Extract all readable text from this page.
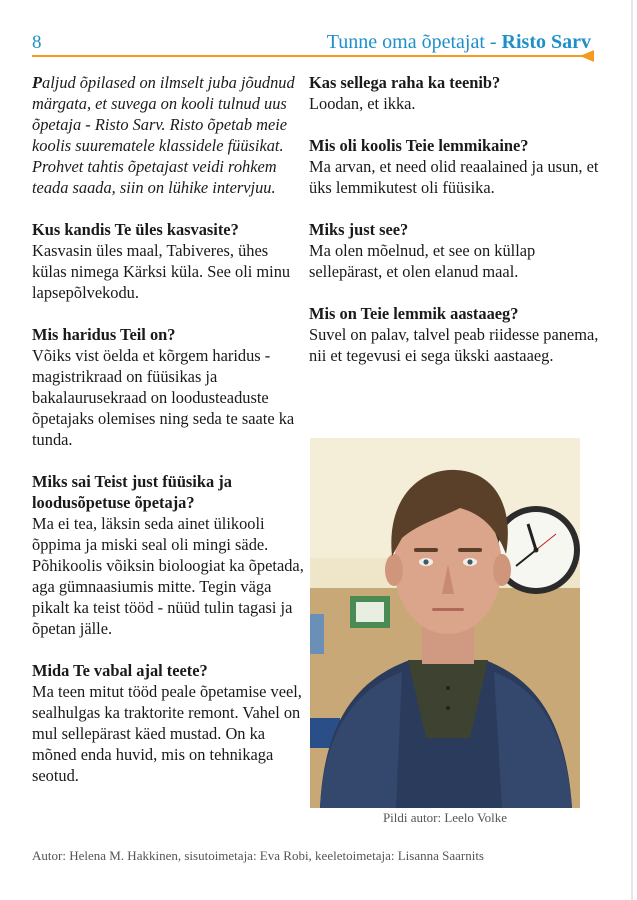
8	Tunne oma õpetajat - Risto Sarv

Paljud õpilased on ilmselt juba jõudnud märgata, et suvega on kooli tulnud uus õpetaja - Risto Sarv. Risto õpetab meie koolis suurematele klassidele füüsikat. Prohvet tahtis õpetajast veidi rohkem teada saada, siin on lühike intervjuu.

Kus kandis Te üles kasvasite?

Kasvasin üles maal, Tabiveres, ühes külas nimega Kärksi küla. See oli minu lapsepõlvekodu.

Mis haridus Teil on?

Võiks vist öelda et kõrgem haridus - magistrikraad on füüsikas ja bakalaurusekraad on loodusteaduste õpetajaks olemises ning seda te saate ka tunda.

Miks sai Teist just füüsika ja loodusõpetuse õpetaja?

Ma ei tea, läksin seda ainet ülikooli õppima ja miski seal oli mingi säde. Põhikoolis võiksin bioloogiat ka õpetada, aga gümnaasiumis mitte. Tegin väga pikalt ka teist tööd - nüüd tulin tagasi ja õpetan jälle.

Mida Te vabal ajal teete?

Ma teen mitut tööd peale õpetamise veel, sealhulgas ka traktorite remont. Vahel on mul sellepärast käed mustad. On ka mõned enda huvid, mis on tehnikaga seotud.

Kas sellega raha ka teenib?

Loodan, et ikka.

Mis oli koolis Teie lemmikaine?

Ma arvan, et need olid reaalained ja usun, et üks lemmikutest oli füüsika.

Miks just see?

Ma olen mõelnud, et see on küllap sellepärast, et olen elanud maal.

Mis on Teie lemmik aastaaeg?

Suvel on palav, talvel peab riidesse panema, nii et tegevusi ei sega ükski aastaaeg.

Pildi autor: Leelo Volke
Autor: Helena M. Hakkinen, sisutoimetaja: Eva Robi, keeletoimetaja: Lisanna Saarnits
